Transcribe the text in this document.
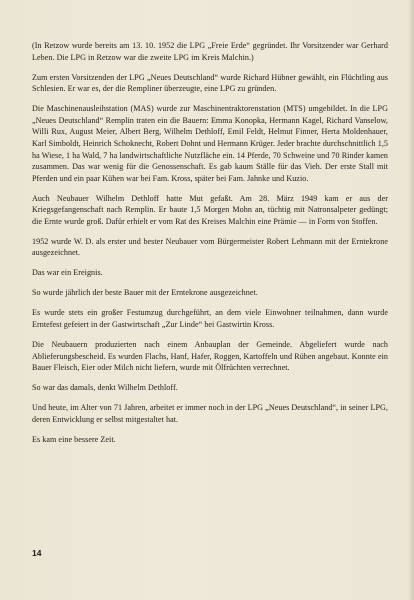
(In Retzow wurde bereits am 13. 10. 1952 die LPG „Freie Erde“ gegründet. Ihr Vorsitzender war Gerhard Leben. Die LPG in Retzow war die zweite LPG im Kreis Malchin.)

Zum ersten Vorsitzenden der LPG „Neues Deutschland“ wurde Richard Hübner gewählt, ein Flüchtling aus Schlesien. Er war es, der die Rempliner überzeugte, eine LPG zu gründen.

Die Maschinenausleihstation (MAS) wurde zur Maschinentraktorenstation (MTS) umgebildet. In die LPG „Neues Deutschland“ Remplin traten ein die Bauern: Emma Konopka, Hermann Kagel, Richard Vanselow, Willi Rux, August Meier, Albert Berg, Wilhelm Dethloff, Emil Feldt, Helmut Finner, Herta Moldenhauer, Karl Simboldt, Heinrich Schoknecht, Robert Dohnt und Hermann Krüger. Jeder brachte durchschnittlich 1,5 ha Wiese, 1 ha Wald, 7 ha landwirtschaftliche Nutzfläche ein. 14 Pferde, 70 Schweine und 70 Rinder kamen zusammen. Das war wenig für die Genossenschaft. Es gab kaum Ställe für das Vieh. Der erste Stall mit Pferden und ein paar Kühen war bei Fam. Kross, später bei Fam. Jahnke und Kuzio.

Auch Neubauer Wilhelm Dethloff hatte Mut gefaßt. Am 28. März 1949 kam er aus der Kriegsgefangenschaft nach Remplin. Er baute 1,5 Morgen Mohn an, tüchtig mit Natronsalpeter gedüngt; die Ernte wurde groß. Dafür erhielt er vom Rat des Kreises Malchin eine Prämie — in Form von Stoffen.

1952 wurde W. D. als erster und bester Neubauer vom Bürgermeister Robert Lehmann mit der Erntekrone ausgezeichnet.

Das war ein Ereignis.

So wurde jährlich der beste Bauer mit der Erntekrone ausgezeichnet.

Es wurde stets ein großer Festumzug durchgeführt, an dem viele Einwohner teilnahmen, dann wurde Erntefest gefeiert in der Gastwirtschaft „Zur Linde“ bei Gastwirtin Kross.

Die Neubauern produzierten nach einem Anbauplan der Gemeinde. Abgeliefert wurde nach Ablieferungsbescheid. Es wurden Flachs, Hanf, Hafer, Roggen, Kartoffeln und Rüben angebaut. Konnte ein Bauer Fleisch, Eier oder Milch nicht liefern, wurde mit Ölfrüchten verrechnet.

So war das damals, denkt Wilhelm Dethloff.

Und heute, im Alter von 71 Jahren, arbeitet er immer noch in der LPG „Neues Deutschland“, in seiner LPG, deren Entwicklung er selbst mitgestaltet hat.

Es kam eine bessere Zeit.

14
